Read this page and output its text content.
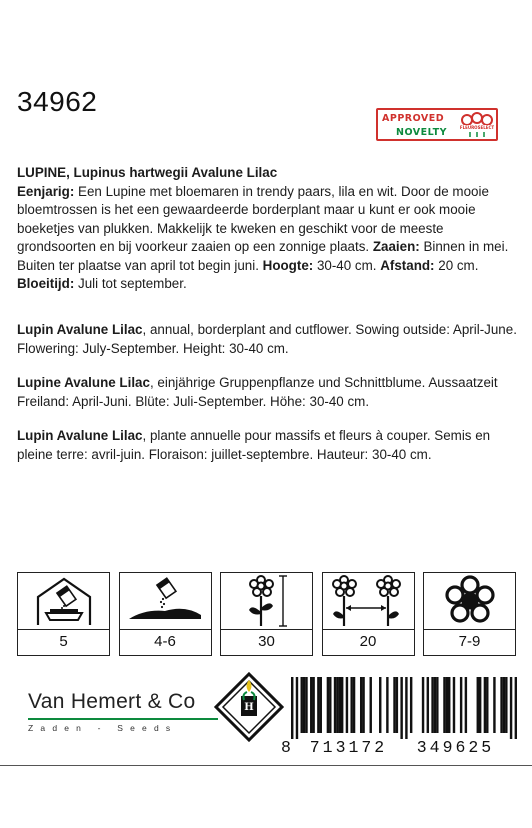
34962
APPROVED
NOVELTY	FLEUROSELECT
LUPINE, Lupinus hartwegii Avalune Lilac
Eenjarig: Een Lupine met bloemaren in trendy paars, lila en wit. Door de mooie bloemtrossen is het een gewaardeerde borderplant maar u kunt er ook mooie boeketjes van plukken. Makkelijk te kweken en geschikt voor de meeste grondsoorten en bij voorkeur zaaien op een zonnige plaats. Zaaien: Binnen in mei. Buiten ter plaatse van april tot begin juni. Hoogte: 30-40 cm. Afstand: 20 cm.
Bloeitijd: Juli tot september.
Lupin Avalune Lilac, annual, borderplant and cutflower. Sowing outside: April-June. Flowering: July-September. Height: 30-40 cm.
Lupine Avalune Lilac, einjährige Gruppenpflanze und Schnittblume. Aussaatzeit Freiland: April-Juni. Blüte: Juli-September. Höhe: 30-40 cm.
Lupin Avalune Lilac, plante annuelle pour massifs et fleurs à couper. Semis en pleine terre: avril-juin. Floraison: juillet-septembre. Hauteur: 30-40 cm.
5	4-6	30	20	7-9
Van Hemert & Co
Zaden - Seeds
H
8	713172	349625
